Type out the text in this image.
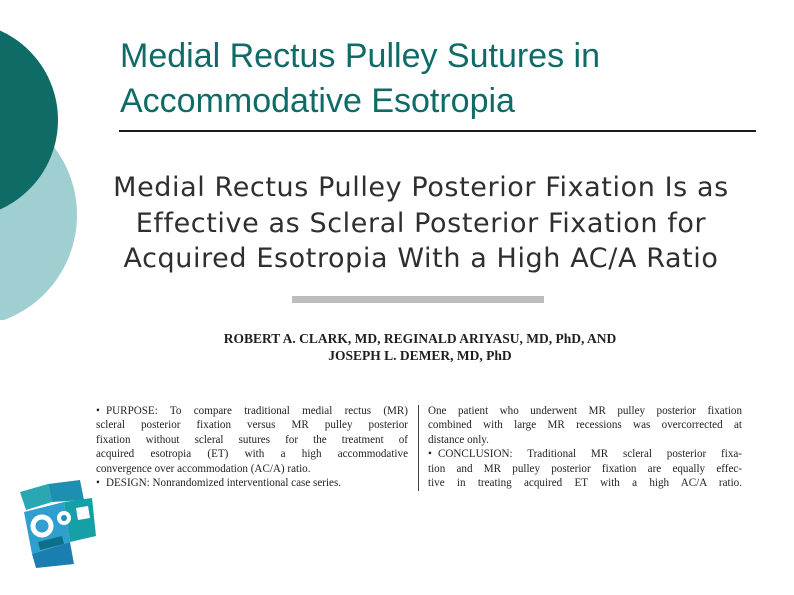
Medial Rectus Pulley Sutures in
Accommodative Esotropia
Medial Rectus Pulley Posterior Fixation Is as
Effective as Scleral Posterior Fixation for
Acquired Esotropia With a High AC/A Ratio
ROBERT A. CLARK, MD, REGINALD ARIYASU, MD, PhD, AND
JOSEPH L. DEMER, MD, PhD
• PURPOSE: To compare traditional medial rectus (MR)
scleral posterior fixation versus MR pulley posterior
fixation without scleral sutures for the treatment of
acquired esotropia (ET) with a high accommodative
convergence over accommodation (AC/A) ratio.
• DESIGN: Nonrandomized interventional case series.
One patient who underwent MR pulley posterior fixation
combined with large MR recessions was overcorrected at
distance only.
• CONCLUSION: Traditional MR scleral posterior fixa-
tion and MR pulley posterior fixation are equally effec-
tive in treating acquired ET with a high AC/A ratio.
